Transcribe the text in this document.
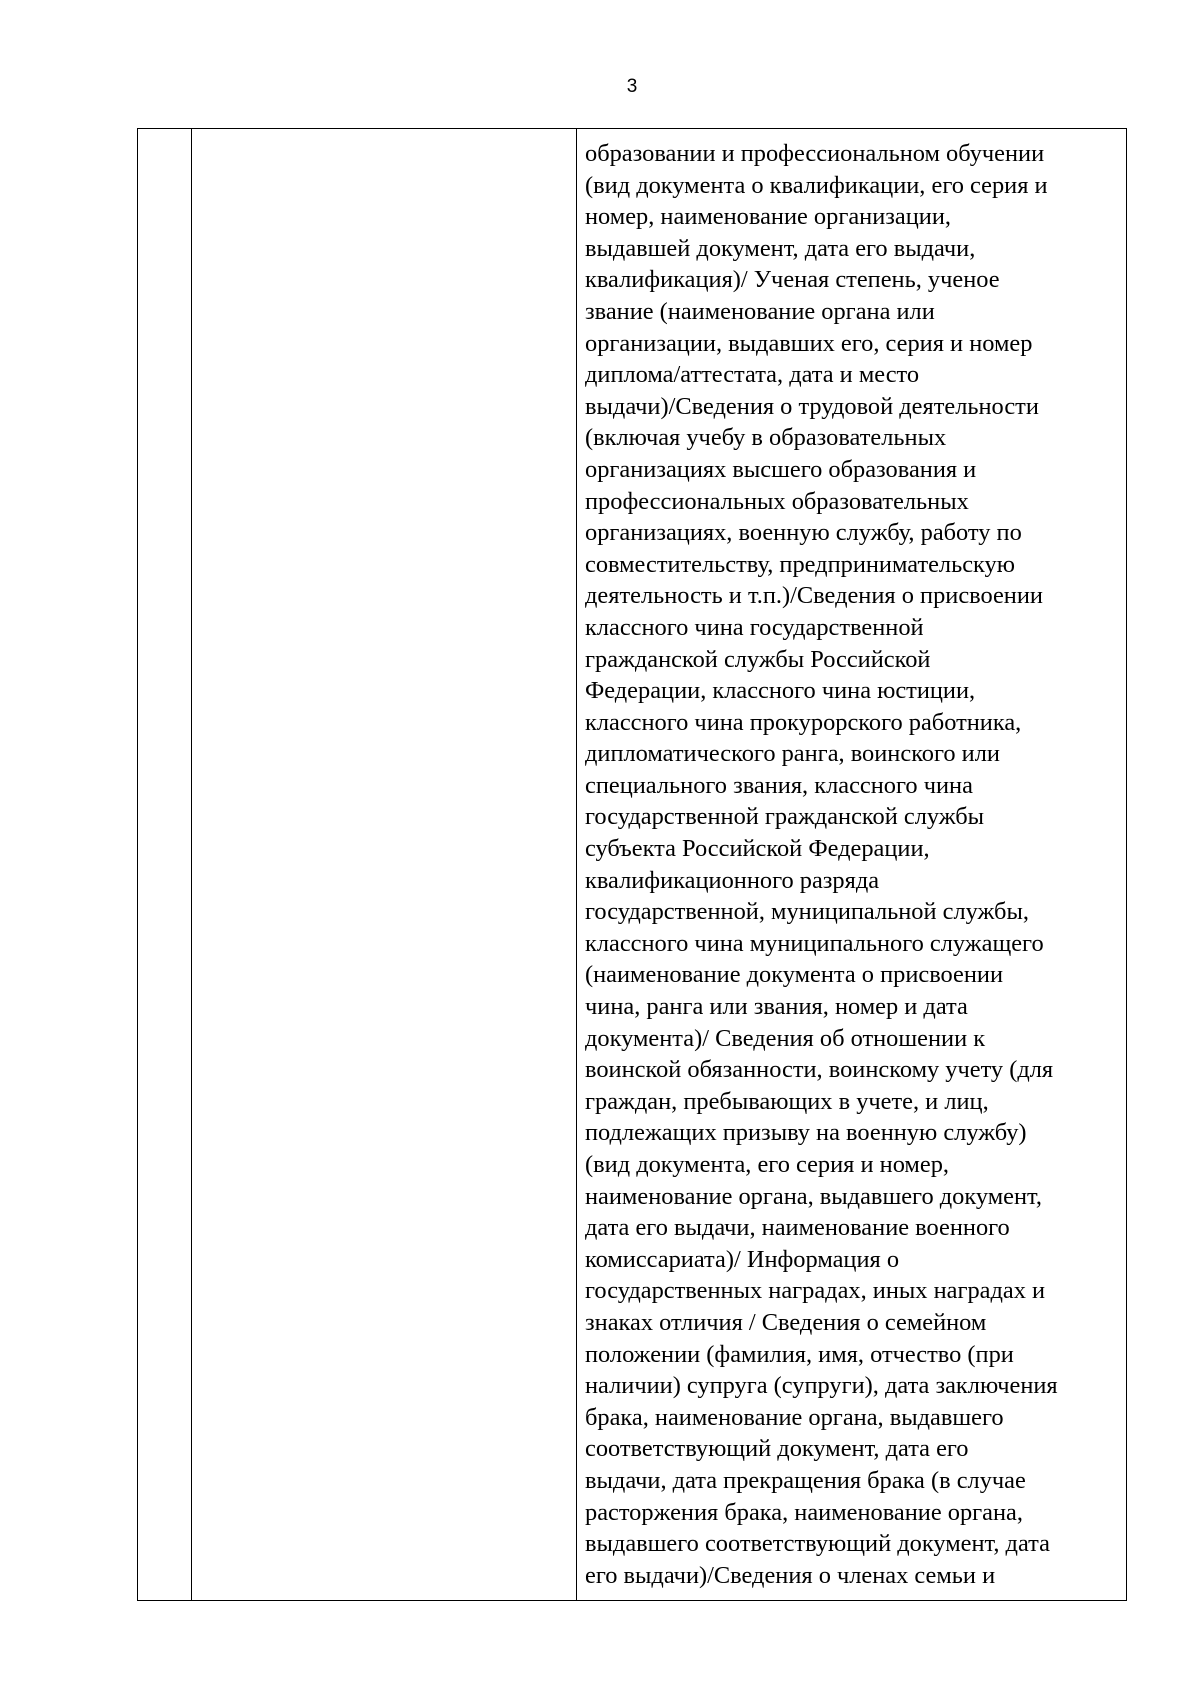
3

образовании и профессиональном обучении
(вид документа о квалификации, его серия и
номер, наименование организации,
выдавшей документ, дата его выдачи,
квалификация)/ Ученая степень, ученое
звание (наименование органа или
организации, выдавших его, серия и номер
диплома/аттестата, дата и место
выдачи)/Сведения о трудовой деятельности
(включая учебу в образовательных
организациях высшего образования и
профессиональных образовательных
организациях, военную службу, работу по
совместительству, предпринимательскую
деятельность и т.п.)/Сведения о присвоении
классного чина государственной
гражданской службы Российской
Федерации, классного чина юстиции,
классного чина прокурорского работника,
дипломатического ранга, воинского или
специального звания, классного чина
государственной гражданской службы
субъекта Российской Федерации,
квалификационного разряда
государственной, муниципальной службы,
классного чина муниципального служащего
(наименование документа о присвоении
чина, ранга или звания, номер и дата
документа)/ Сведения об отношении к
воинской обязанности, воинскому учету (для
граждан, пребывающих в учете, и лиц,
подлежащих призыву на военную службу)
(вид документа, его серия и номер,
наименование органа, выдавшего документ,
дата его выдачи, наименование военного
комиссариата)/ Информация о
государственных наградах, иных наградах и
знаках отличия / Сведения о семейном
положении (фамилия, имя, отчество (при
наличии) супруга (супруги), дата заключения
брака, наименование органа, выдавшего
соответствующий документ, дата его
выдачи, дата прекращения брака (в случае
расторжения брака, наименование органа,
выдавшего соответствующий документ, дата
его выдачи)/Сведения о членах семьи и
